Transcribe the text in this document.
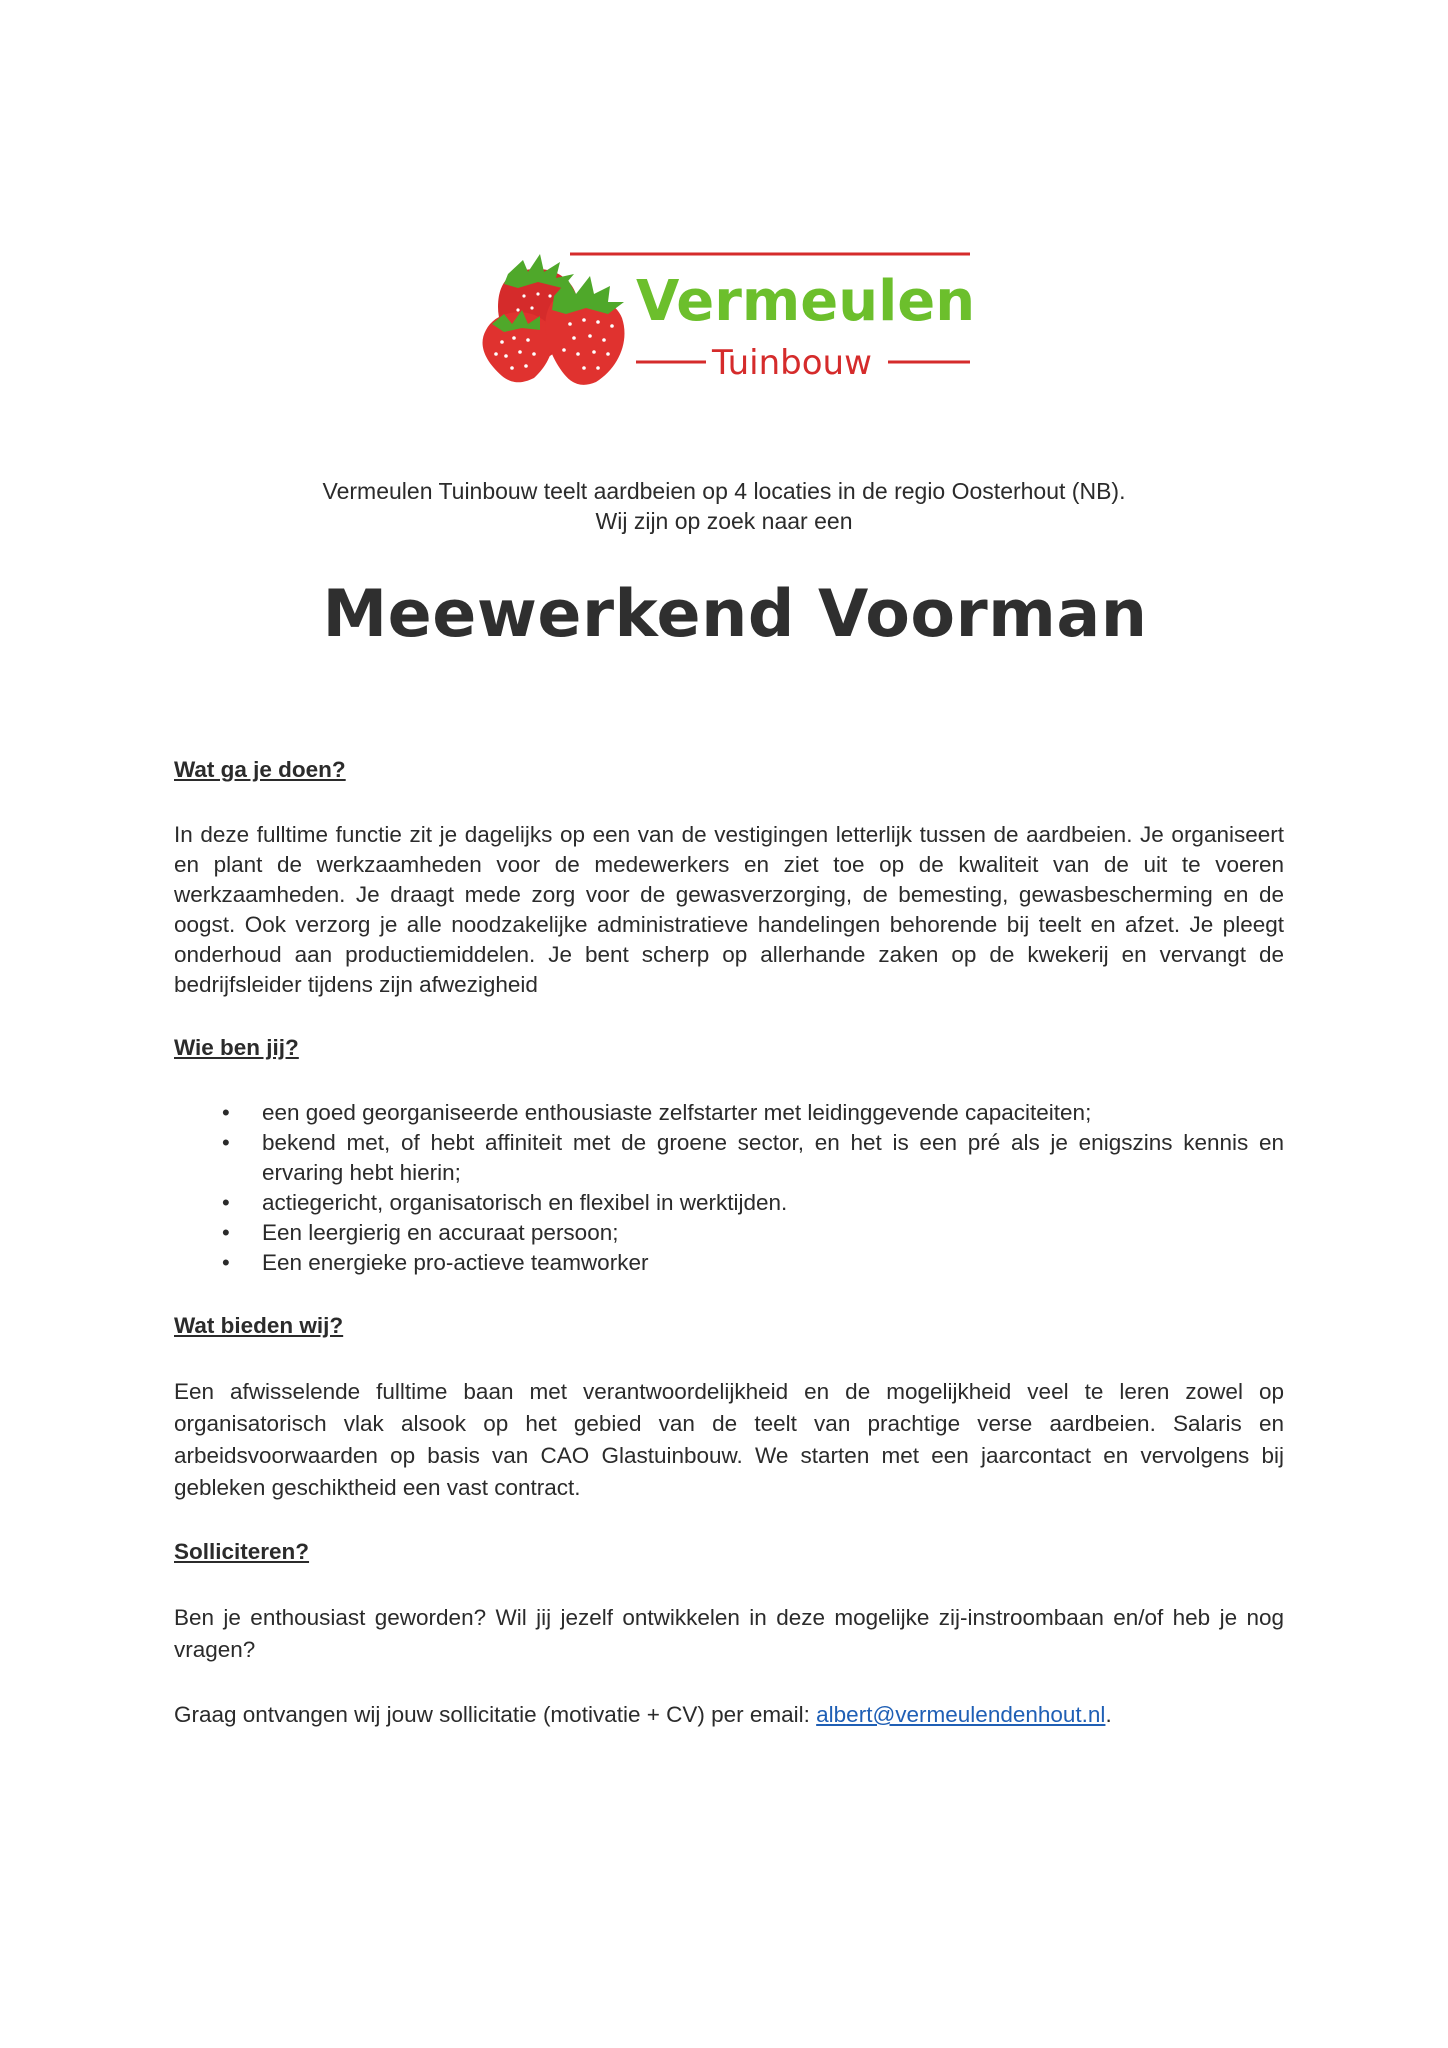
Vermeulen
Tuinbouw

Vermeulen Tuinbouw teelt aardbeien op 4 locaties in de regio Oosterhout (NB).

Wij zijn op zoek naar een

Meewerkend Voorman

Wat ga je doen?

In deze fulltime functie zit je dagelijks op een van de vestigingen letterlijk tussen de aardbeien. Je organiseert en plant de werkzaamheden voor de medewerkers en ziet toe op de kwaliteit van de uit te voeren werkzaamheden. Je draagt mede zorg voor de gewasverzorging, de bemesting, gewasbescherming en de oogst. Ook verzorg je alle noodzakelijke administratieve handelingen behorende bij teelt en afzet. Je pleegt onderhoud aan productiemiddelen. Je bent scherp op allerhande zaken op de kwekerij en vervangt de bedrijfsleider tijdens zijn afwezigheid

Wie ben jij?

• een goed georganiseerde enthousiaste zelfstarter met leidinggevende capaciteiten;
• bekend met, of hebt affiniteit met de groene sector, en het is een pré als je enigszins kennis en ervaring hebt hierin;
• actiegericht, organisatorisch en flexibel in werktijden.
• Een leergierig en accuraat persoon;
• Een energieke pro-actieve teamworker

Wat bieden wij?

Een afwisselende fulltime baan met verantwoordelijkheid en de mogelijkheid veel te leren zowel op organisatorisch vlak alsook op het gebied van de teelt van prachtige verse aardbeien. Salaris en arbeidsvoorwaarden op basis van CAO Glastuinbouw. We starten met een jaarcontact en vervolgens bij gebleken geschiktheid een vast contract.

Solliciteren?

Ben je enthousiast geworden? Wil jij jezelf ontwikkelen in deze mogelijke zij-instroombaan en/of heb je nog vragen?

Graag ontvangen wij jouw sollicitatie (motivatie + CV) per email: albert@vermeulendenhout.nl.
